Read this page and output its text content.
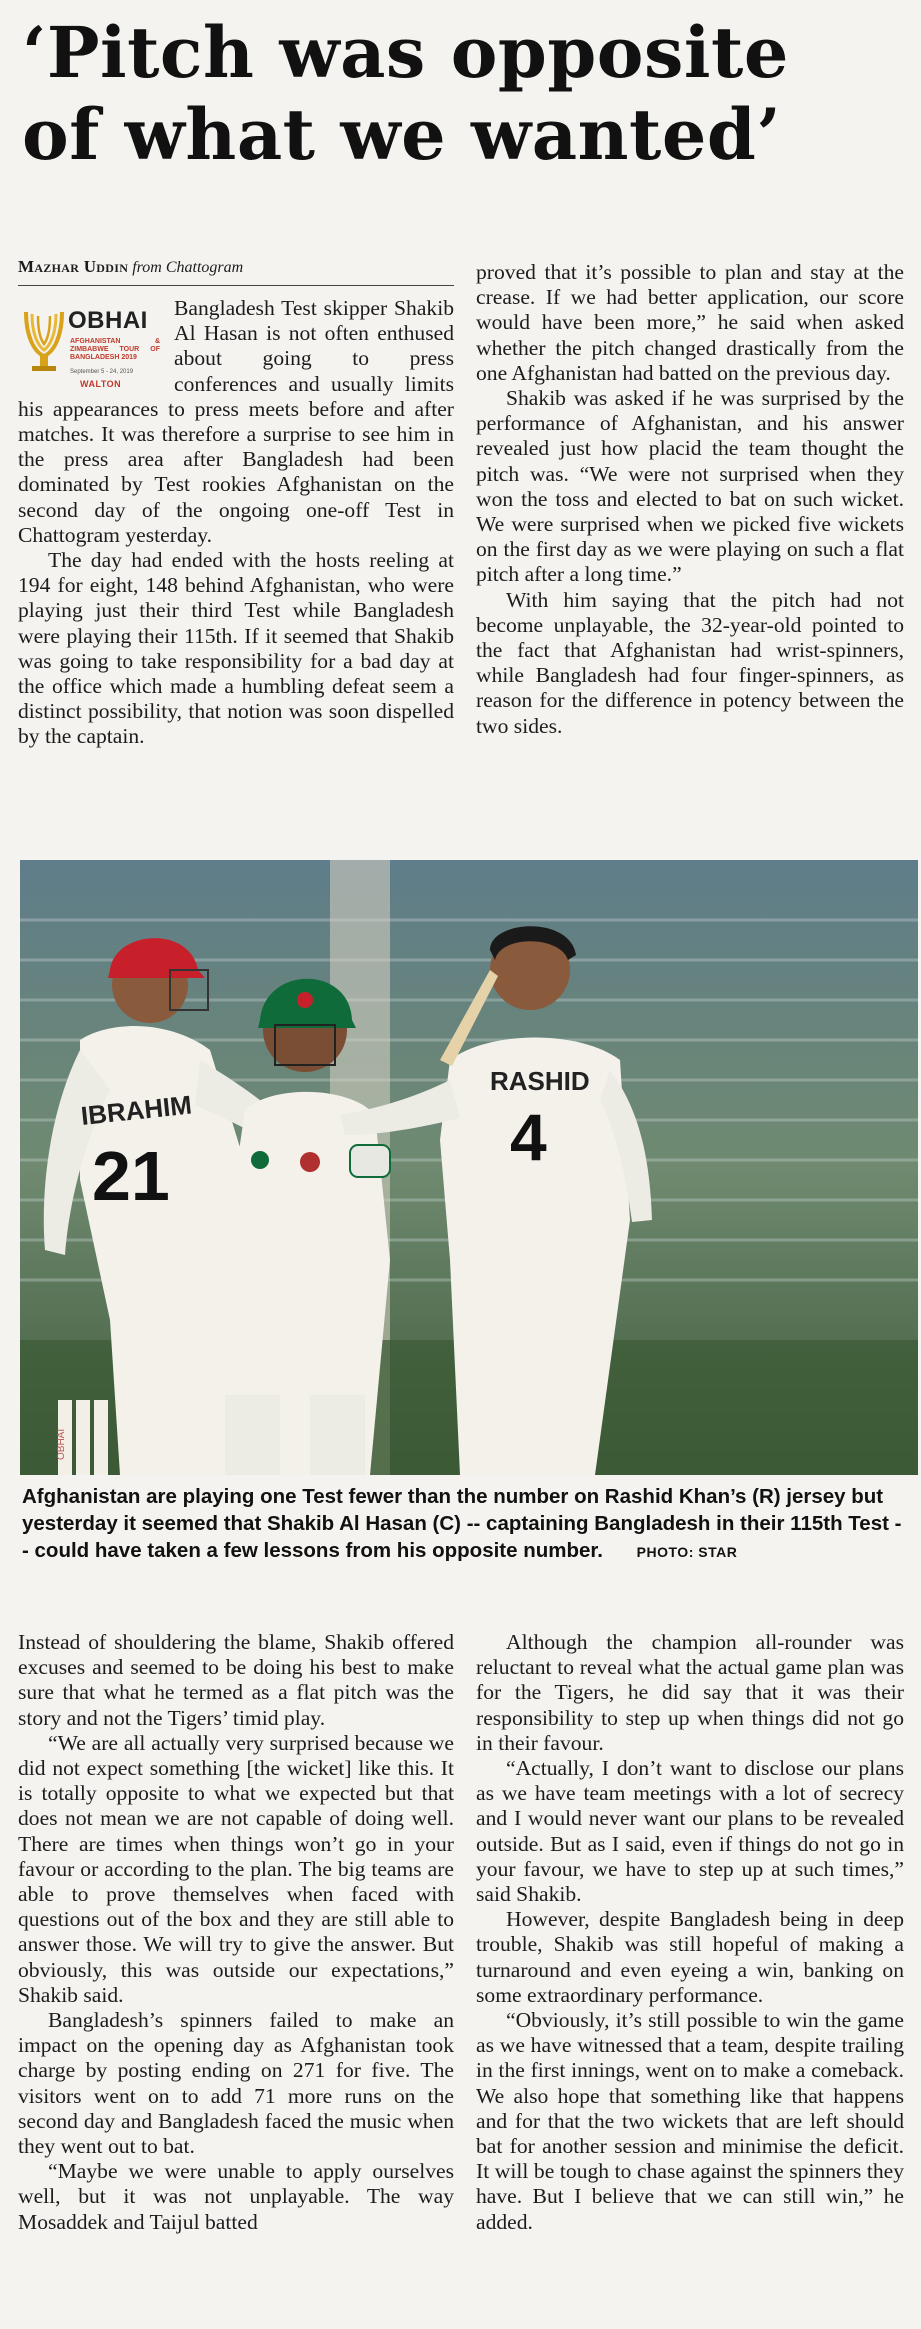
‘Pitch was opposite
of what we wanted’
Mazhar Uddin from Chattogram
OBHAI
AFGHANISTAN & ZIMBABWE TOUR OF BANGLADESH 2019
September 5 - 24, 2019
WALTON

Bangladesh Test skipper Shakib Al Hasan is not often enthused about going to press conferences and usually limits his appearances to press meets before and after matches. It was therefore a surprise to see him in the press area after Bangladesh had been dominated by Test rookies Afghanistan on the second day of the ongoing one-off Test in Chattogram yesterday.

The day had ended with the hosts reeling at 194 for eight, 148 behind Afghanistan, who were playing just their third Test while Bangladesh were playing their 115th. If it seemed that Shakib was going to take responsibility for a bad day at the office which made a humbling defeat seem a distinct possibility, that notion was soon dispelled by the captain.

proved that it’s possible to plan and stay at the crease. If we had better application, our score would have been more,” he said when asked whether the pitch changed drastically from the one Afghanistan had batted on the previous day.

Shakib was asked if he was surprised by the performance of Afghanistan, and his answer revealed just how placid the team thought the pitch was. “We were not surprised when they won the toss and elected to bat on such wicket. We were surprised when we picked five wickets on the first day as we were playing on such a flat pitch after a long time.”

With him saying that the pitch had not become unplayable, the 32-year-old pointed to the fact that Afghanistan had wrist-spinners, while Bangladesh had four finger-spinners, as reason for the difference in potency between the two sides.

OBHAI
IBRAHIM
21
RASHID
4
Afghanistan are playing one Test fewer than the number on Rashid Khan’s (R) jersey but yesterday it seemed that Shakib Al Hasan (C) -- captaining Bangladesh in their 115th Test -- could have taken a few lessons from his opposite number. PHOTO: STAR

Instead of shouldering the blame, Shakib offered excuses and seemed to be doing his best to make sure that what he termed as a flat pitch was the story and not the Tigers’ timid play.

“We are all actually very surprised because we did not expect something [the wicket] like this. It is totally opposite to what we expected but that does not mean we are not capable of doing well. There are times when things won’t go in your favour or according to the plan. The big teams are able to prove themselves when faced with questions out of the box and they are still able to answer those. We will try to give the answer. But obviously, this was outside our expectations,” Shakib said.

Bangladesh’s spinners failed to make an impact on the opening day as Afghanistan took charge by posting ending on 271 for five. The visitors went on to add 71 more runs on the second day and Bangladesh faced the music when they went out to bat.

“Maybe we were unable to apply ourselves well, but it was not unplayable. The way Mosaddek and Taijul batted

Although the champion all-rounder was reluctant to reveal what the actual game plan was for the Tigers, he did say that it was their responsibility to step up when things did not go in their favour.

“Actually, I don’t want to disclose our plans as we have team meetings with a lot of secrecy and I would never want our plans to be revealed outside. But as I said, even if things do not go in your favour, we have to step up at such times,” said Shakib.

However, despite Bangladesh being in deep trouble, Shakib was still hopeful of making a turnaround and even eyeing a win, banking on some extraordinary performance.

“Obviously, it’s still possible to win the game as we have witnessed that a team, despite trailing in the first innings, went on to make a comeback. We also hope that something like that happens and for that the two wickets that are left should bat for another session and minimise the deficit. It will be tough to chase against the spinners they have. But I believe that we can still win,” he added.
